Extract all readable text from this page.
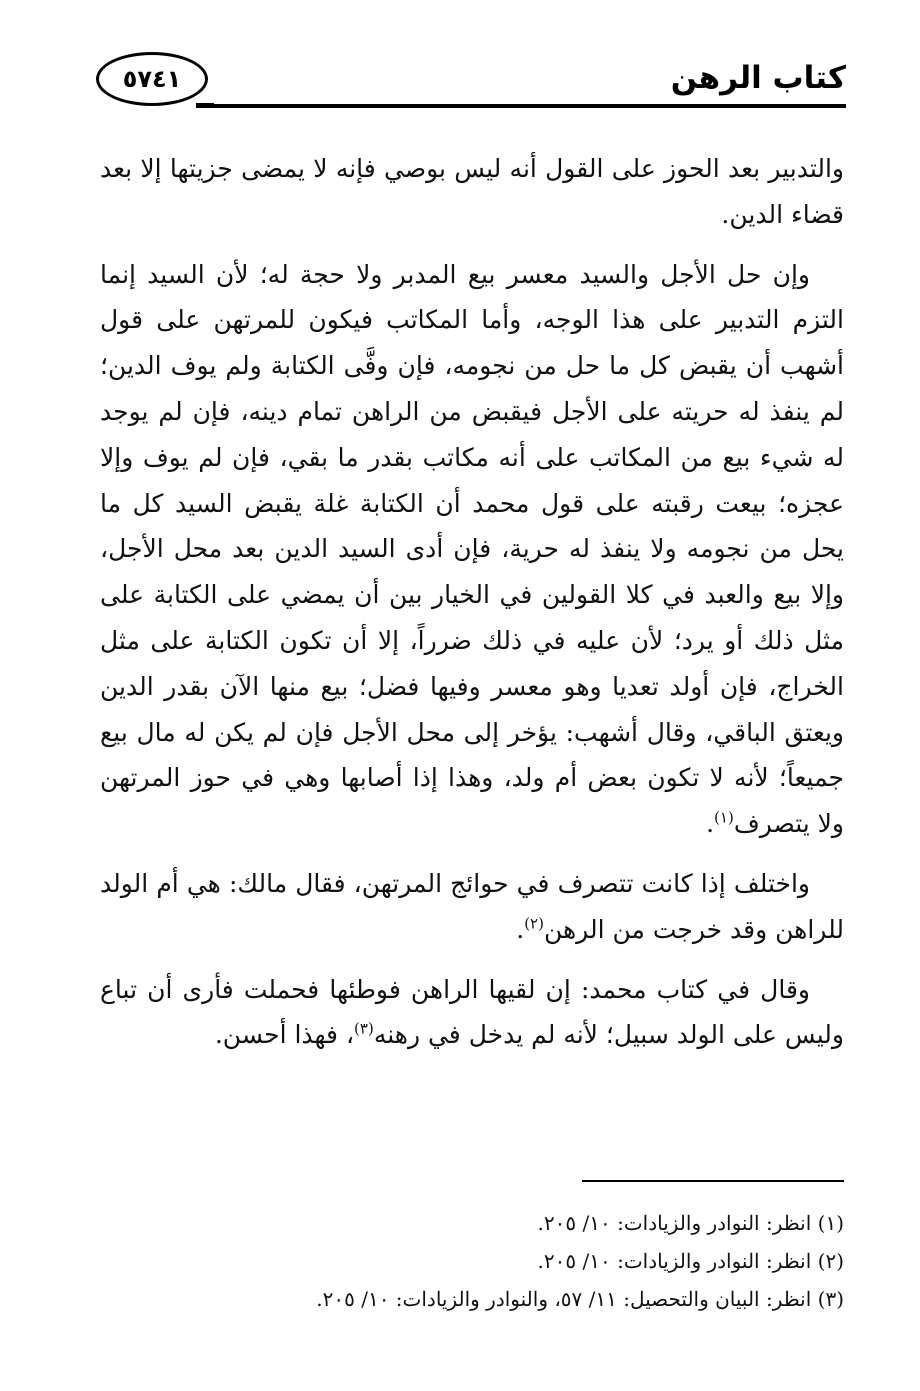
كتاب الرهن
٥٧٤١

والتدبير بعد الحوز على القول أنه ليس بوصي فإنه لا يمضى جزيتها إلا بعد قضاء الدين.

وإن حل الأجل والسيد معسر بيع المدبر ولا حجة له؛ لأن السيد إنما التزم التدبير على هذا الوجه، وأما المكاتب فيكون للمرتهن على قول أشهب أن يقبض كل ما حل من نجومه، فإن وفَّى الكتابة ولم يوف الدين؛ لم ينفذ له حريته على الأجل فيقبض من الراهن تمام دينه، فإن لم يوجد له شيء بيع من المكاتب على أنه مكاتب بقدر ما بقي، فإن لم يوف وإلا عجزه؛ بيعت رقبته على قول محمد أن الكتابة غلة يقبض السيد كل ما يحل من نجومه ولا ينفذ له حرية، فإن أدى السيد الدين بعد محل الأجل، وإلا بيع والعبد في كلا القولين في الخيار بين أن يمضي على الكتابة على مثل ذلك أو يرد؛ لأن عليه في ذلك ضرراً، إلا أن تكون الكتابة على مثل الخراج، فإن أولد تعديا وهو معسر وفيها فضل؛ بيع منها الآن بقدر الدين ويعتق الباقي، وقال أشهب: يؤخر إلى محل الأجل فإن لم يكن له مال بيع جميعاً؛ لأنه لا تكون بعض أم ولد، وهذا إذا أصابها وهي في حوز المرتهن ولا يتصرف$^{(١)}$.

واختلف إذا كانت تتصرف في حوائج المرتهن، فقال مالك: هي أم الولد للراهن وقد خرجت من الرهن$^{(٢)}$.

وقال في كتاب محمد: إن لقيها الراهن فوطئها فحملت فأرى أن تباع وليس على الولد سبيل؛ لأنه لم يدخل في رهنه$^{(٣)}$، فهذا أحسن.

(١) انظر: النوادر والزيادات: ١٠/ ٢٠٥.

(٢) انظر: النوادر والزيادات: ١٠/ ٢٠٥.

(٣) انظر: البيان والتحصيل: ١١/ ٥٧، والنوادر والزيادات: ١٠/ ٢٠٥.
